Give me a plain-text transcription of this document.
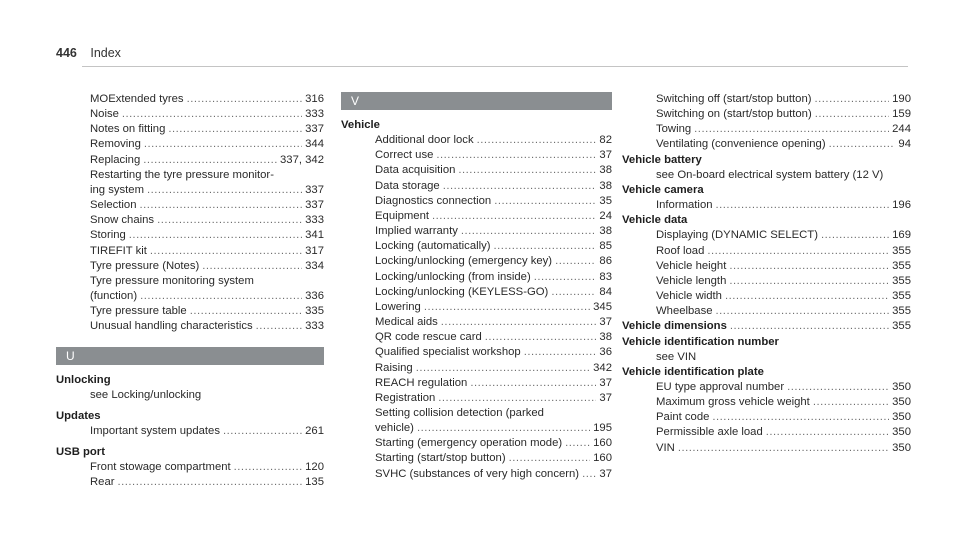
446 Index
MOExtended tyres .....	316
Noise .....	333
Notes on fitting .....	337
Removing .....	344
Replacing .....	337, 342
Restarting the tyre pressure monitor-
ing system .....	337
Selection .....	337
Snow chains .....	333
Storing .....	341
TIREFIT kit .....	317
Tyre pressure (Notes) .....	334
Tyre pressure monitoring system
(function) .....	336
Tyre pressure table .....	335
Unusual handling characteristics .....	333
U
Unlocking
see Locking/unlocking
Updates
Important system updates .....	261
USB port
Front stowage compartment .....	120
Rear .....	135
V
Vehicle
Additional door lock .....	82
Correct use .....	37
Data acquisition .....	38
Data storage .....	38
Diagnostics connection .....	35
Equipment .....	24
Implied warranty .....	38
Locking (automatically) .....	85
Locking/unlocking (emergency key) .....	86
Locking/unlocking (from inside) .....	83
Locking/unlocking (KEYLESS-GO) .....	84
Lowering .....	345
Medical aids .....	37
QR code rescue card .....	38
Qualified specialist workshop .....	36
Raising .....	342
REACH regulation .....	37
Registration .....	37
Setting collision detection (parked
vehicle) .....	195
Starting (emergency operation mode) .....	160
Starting (start/stop button) .....	160
SVHC (substances of very high concern) ..... 37
Switching off (start/stop button) .....	190
Switching on (start/stop button) .....	159
Towing .....	244
Ventilating (convenience opening) .....	94
Vehicle battery
see On-board electrical system battery (12 V)
Vehicle camera
Information .....	196
Vehicle data
Displaying (DYNAMIC SELECT) .....	169
Roof load .....	355
Vehicle height .....	355
Vehicle length .....	355
Vehicle width .....	355
Wheelbase .....	355
Vehicle dimensions .....	355
Vehicle identification number
see VIN
Vehicle identification plate
EU type approval number .....	350
Maximum gross vehicle weight .....	350
Paint code .....	350
Permissible axle load .....	350
VIN .....	350
